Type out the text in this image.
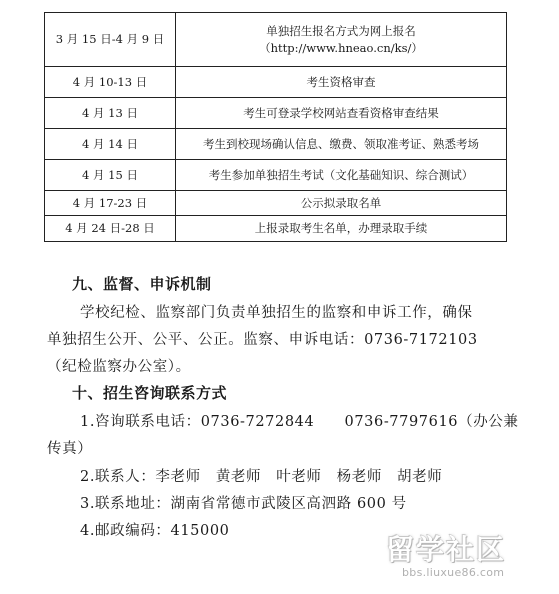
3 月 15 日-4 月 9 日	单独招生报名方式为网上报名
（http://www.hneao.cn/ks/）

4 月 10-13 日	考生资格审查
4 月 13 日	考生可登录学校网站查看资格审查结果
4 月 14 日	考生到校现场确认信息、缴费、领取准考证、熟悉考场
4 月 15 日	考生参加单独招生考试（文化基础知识、综合测试）
4 月 17-23 日	公示拟录取名单
4 月 24 日-28 日	上报录取考生名单，办理录取手续
九、监督、申诉机制
学校纪检、监察部门负责单独招生的监察和申诉工作，确保
单独招生公开、公平、公正。监察、申诉电话：0736-7172103
（纪检监察办公室）。
十、招生咨询联系方式
1.咨询联系电话：0736-7272844　　0736-7797616（办公兼
传真）
2.联系人：李老师　黄老师　叶老师　杨老师　胡老师
3.联系地址：湖南省常德市武陵区高泗路 600 号
4.邮政编码：415000
留学社区
bbs.liuxue86.com
